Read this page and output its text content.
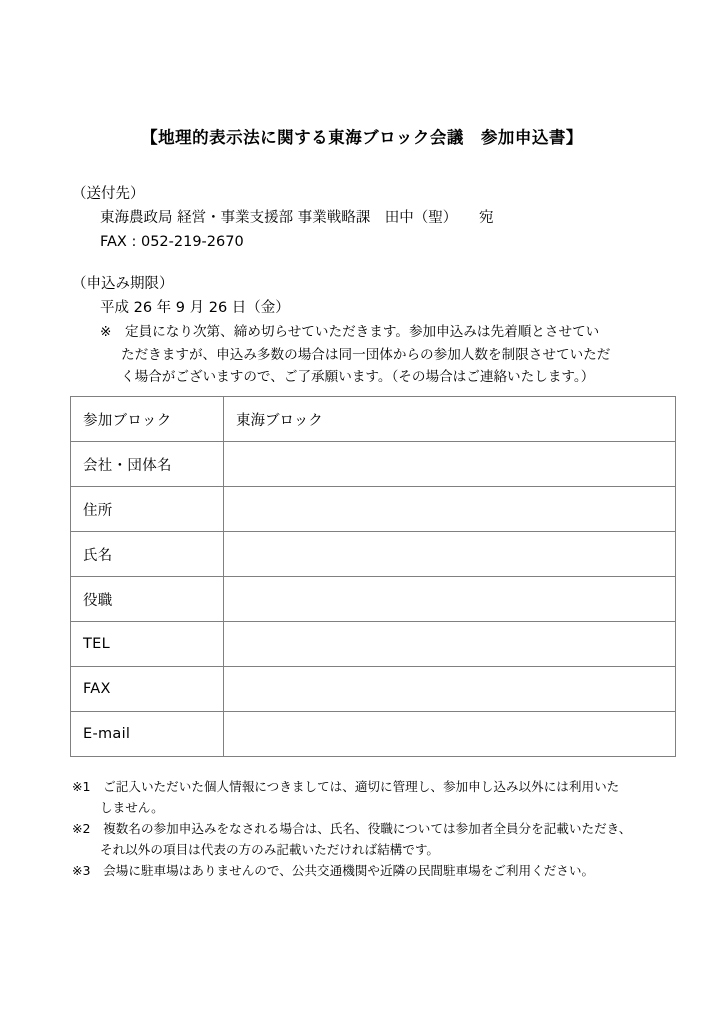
【地理的表示法に関する東海ブロック会議　参加申込書】
（送付先）
東海農政局 経営・事業支援部 事業戦略課　田中（聖）　　宛
FAX : 052-219-2670
（申込み期限）
平成 26 年 9 月 26 日（金）
※　定員になり次第、締め切らせていただきます。参加申込みは先着順とさせてい
ただきますが、申込み多数の場合は同一団体からの参加人数を制限させていただ
く場合がございますので、ご了承願います。（その場合はご連絡いたします。）
参加ブロック	東海ブロック
会社・団体名	
住所	
氏名	
役職	
TEL	
FAX	
E-mail	
※1　ご記入いただいた個人情報につきましては、適切に管理し、参加申し込み以外には利用いた
しません。
※2　複数名の参加申込みをなされる場合は、氏名、役職については参加者全員分を記載いただき、
それ以外の項目は代表の方のみ記載いただければ結構です。
※3　会場に駐車場はありませんので、公共交通機関や近隣の民間駐車場をご利用ください。
